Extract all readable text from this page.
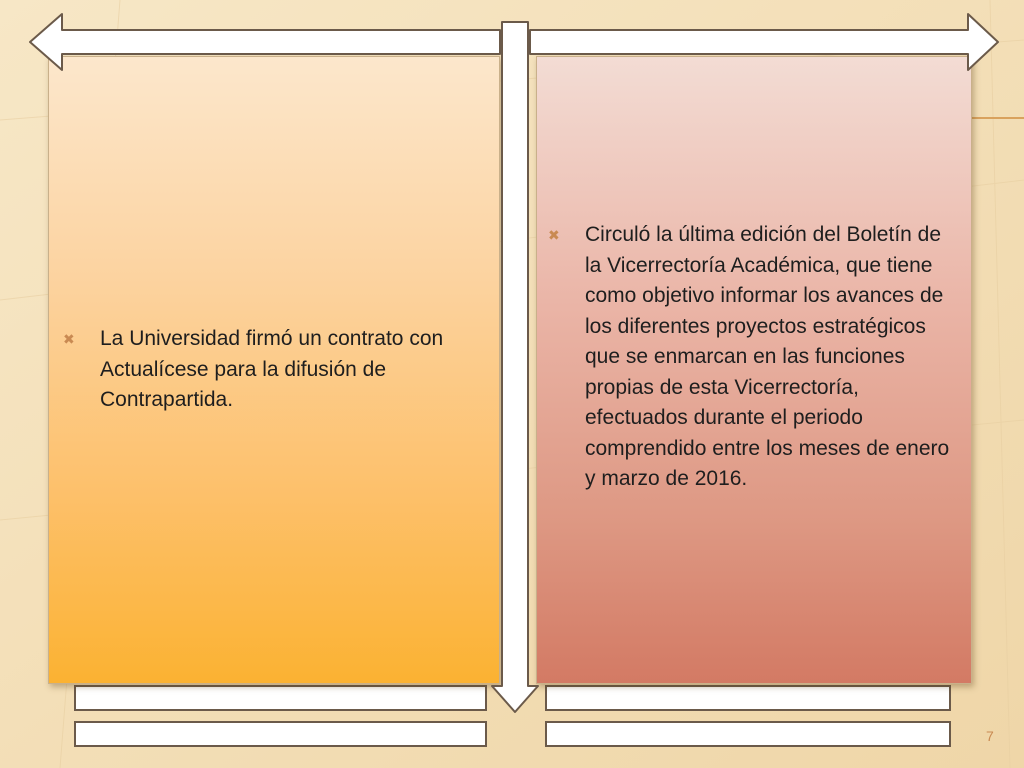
✖ La Universidad firmó un contrato con Actualícese para la difusión de Contrapartida.
✖ Circuló la última edición del Boletín de la Vicerrectoría Académica, que tiene como objetivo informar los avances de los diferentes proyectos estratégicos que se enmarcan en las funciones propias de esta Vicerrectoría, efectuados durante el periodo comprendido entre los meses de enero y marzo de 2016.
7
